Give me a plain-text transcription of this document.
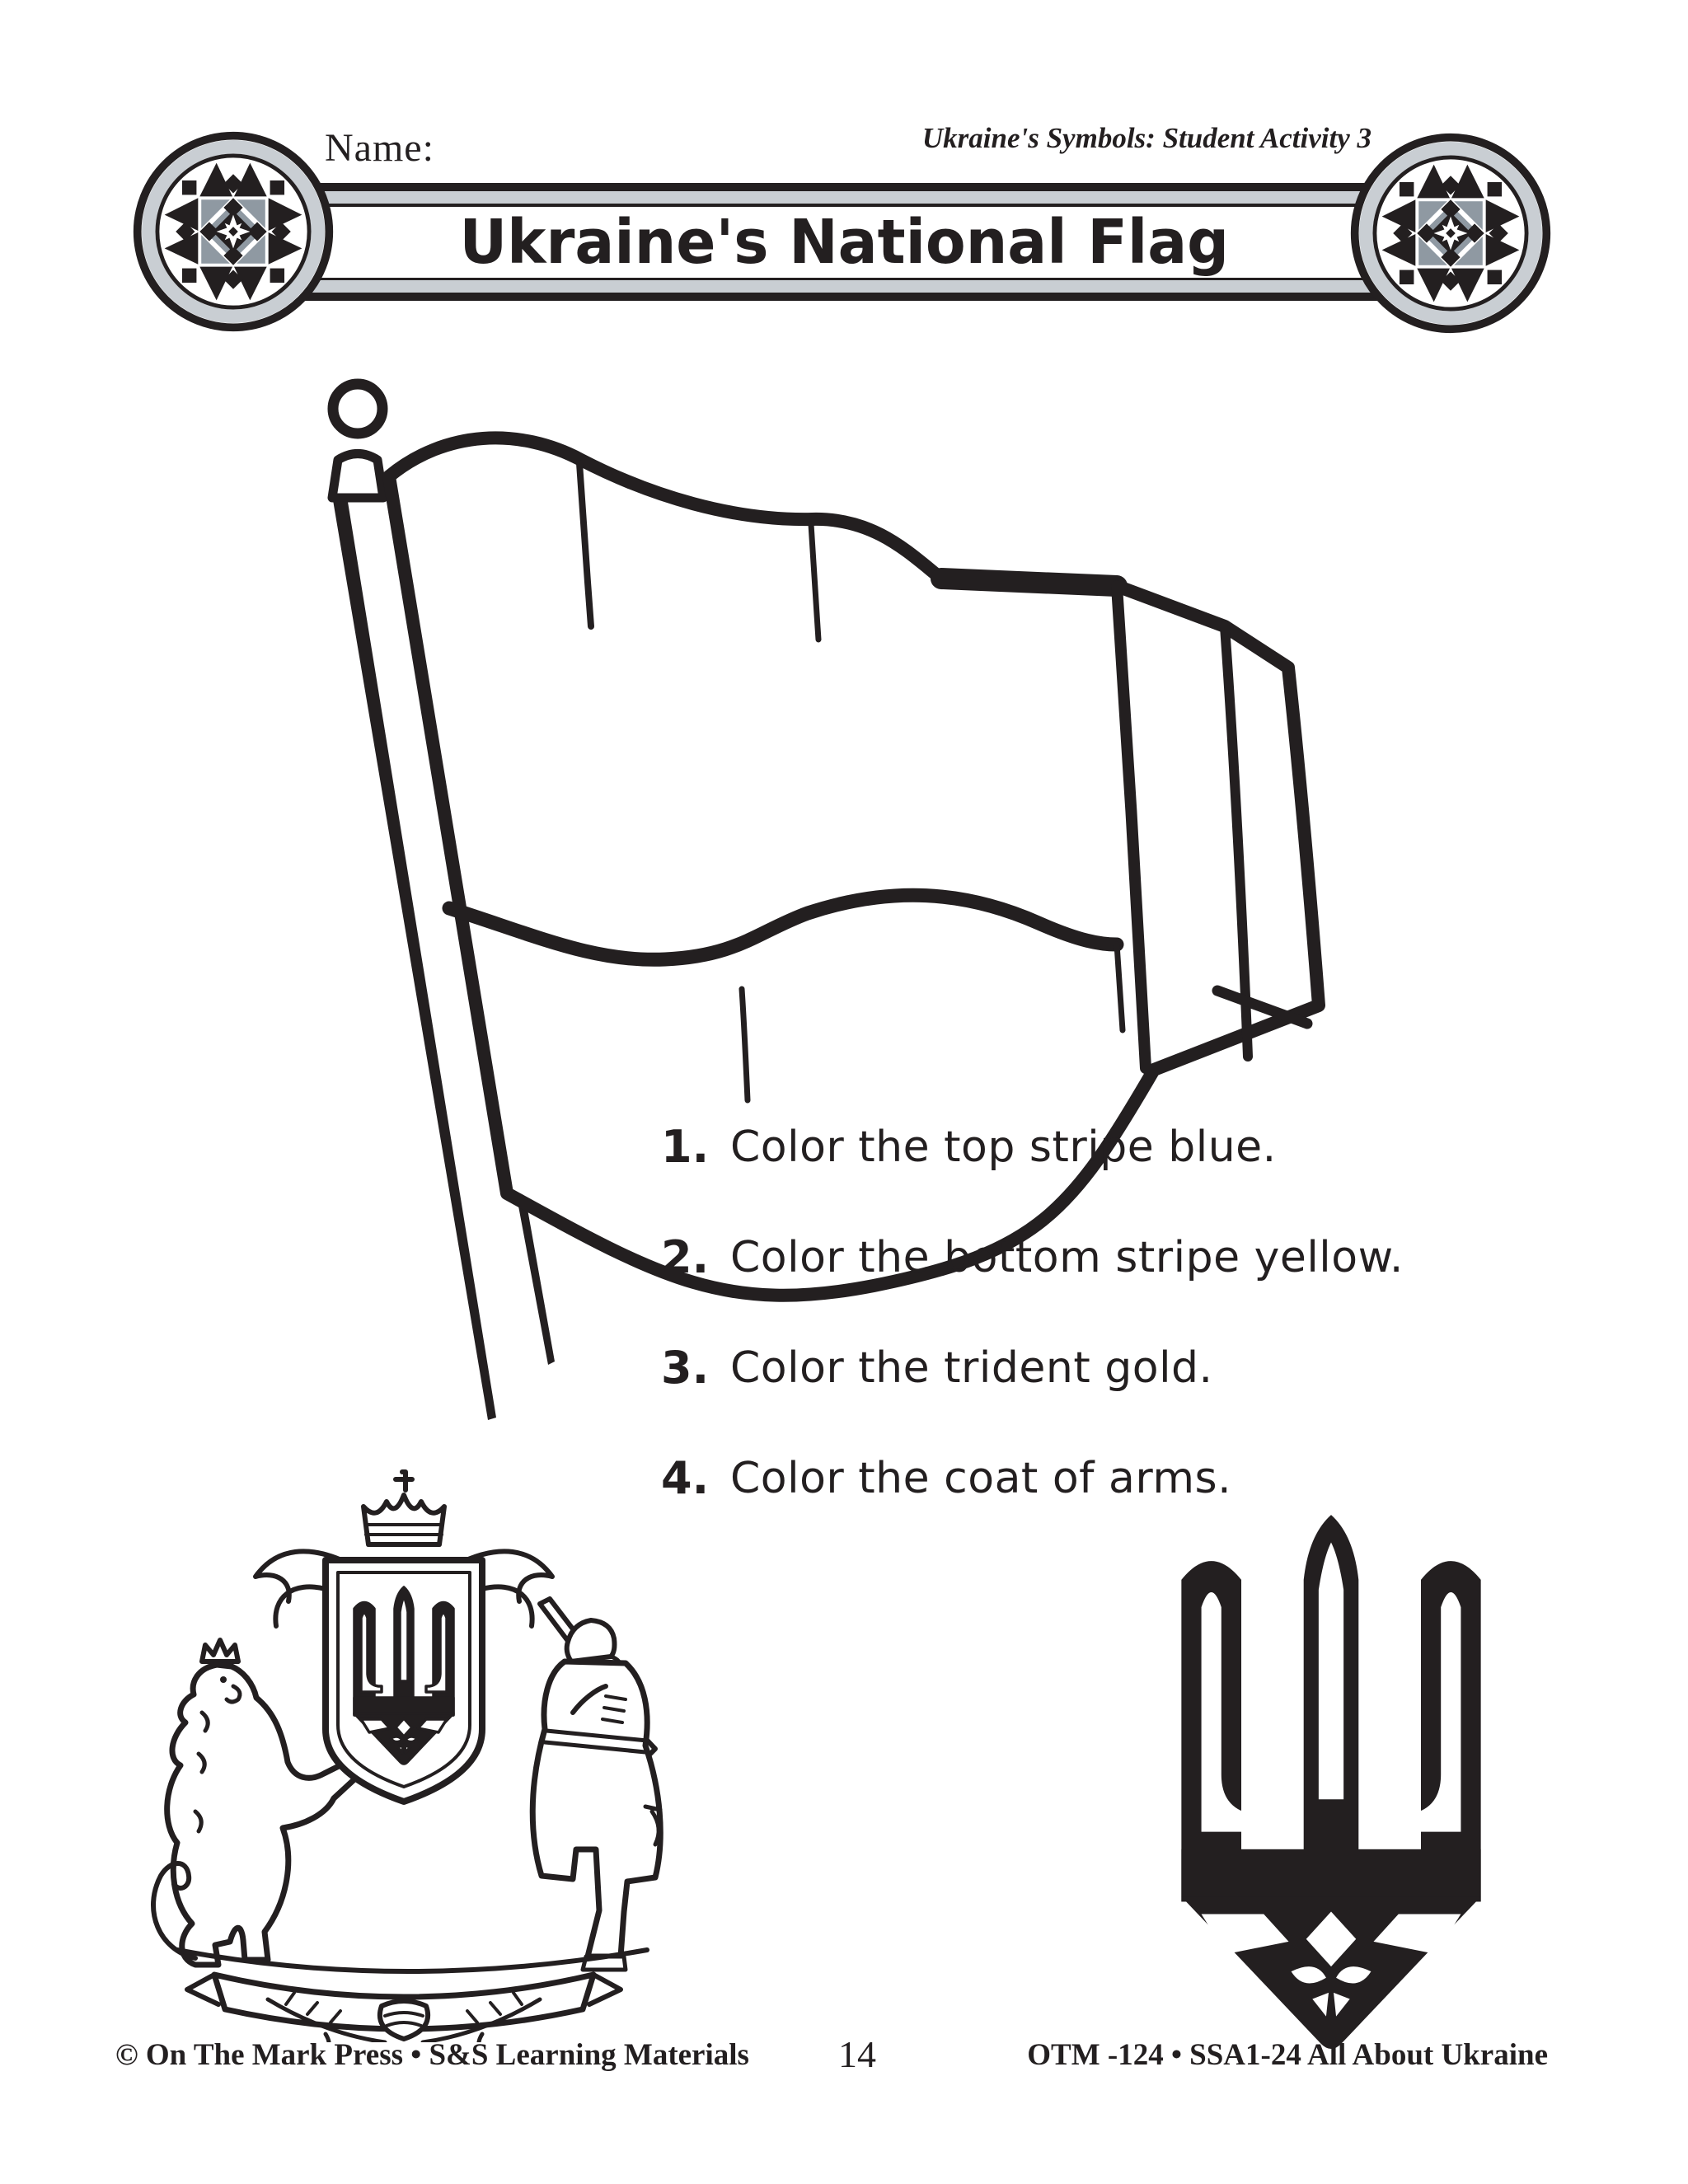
Name:	Ukraine's Symbols: Student Activity 3
Ukraine's National Flag
1. Color the top stripe blue.
2. Color the bottom stripe yellow.
3. Color the trident gold.
4. Color the coat of arms.
© On The Mark Press • S&S Learning Materials	14	OTM -124 • SSA1-24 All About Ukraine
